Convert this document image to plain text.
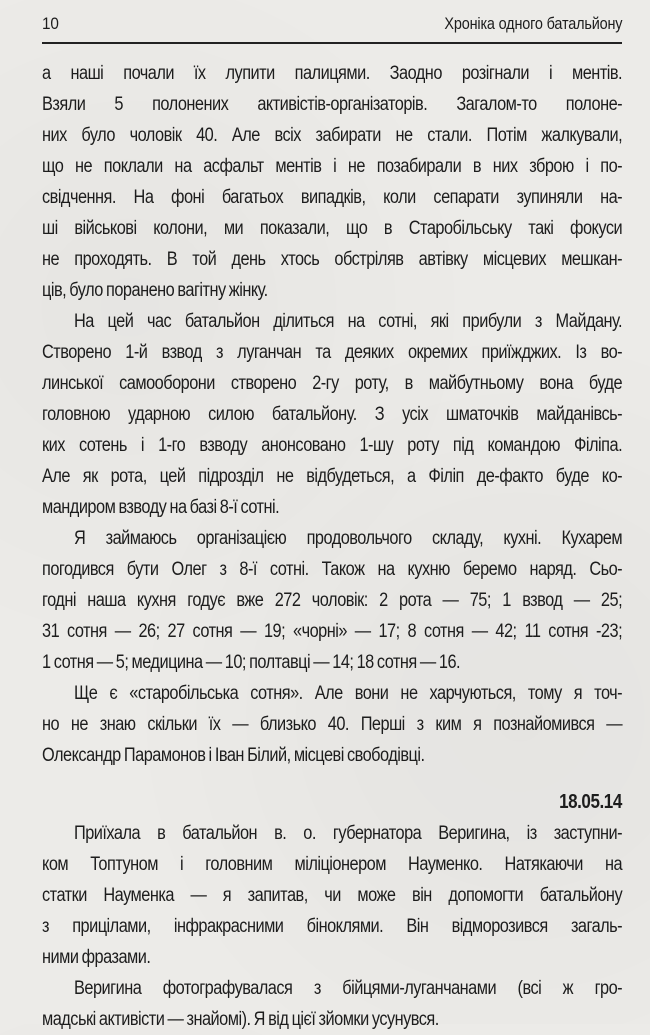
10	Хроніка одного батальйону
а наші почали їх лупити палицями. Заодно розігнали і ментів.
Взяли 5 полонених активістів-організаторів. Загалом-то полоне-
них було чоловік 40. Але всіх забирати не стали. Потім жалкували,
що не поклали на асфальт ментів і не позабирали в них зброю і по-
свідчення. На фоні багатьох випадків, коли сепарати зупиняли на-
ші військові колони, ми показали, що в Старобільську такі фокуси
не проходять. В той день хтось обстріляв автівку місцевих мешкан-
ців, було поранено вагітну жінку.
На цей час батальйон ділиться на сотні, які прибули з Майдану.
Створено 1-й взвод з луганчан та деяких окремих приїжджих. Із во-
линської самооборони створено 2-гу роту, в майбутньому вона буде
головною ударною силою батальйону. З усіх шматочків майданівсь-
ких сотень і 1-го взводу анонсовано 1-шу роту під командою Філіпа.
Але як рота, цей підрозділ не відбудеться, а Філіп де-факто буде ко-
мандиром взводу на базі 8-ї сотні.
Я займаюсь організацією продовольчого складу, кухні. Кухарем
погодився бути Олег з 8-ї сотні. Також на кухню беремо наряд. Сьо-
годні наша кухня годує вже 272 чоловік: 2 рота — 75; 1 взвод — 25;
31 сотня — 26; 27 сотня — 19; «чорні» — 17; 8 сотня — 42; 11 сотня -23;
1 сотня — 5; медицина — 10; полтавці — 14; 18 сотня — 16.
Ще є «старобільська сотня». Але вони не харчуються, тому я точ-
но не знаю скільки їх — близько 40. Перші з ким я познайомився —
Олександр Парамонов і Іван Білий, місцеві свободівці.
18.05.14
Приїхала в батальйон в. о. губернатора Веригина, із заступни-
ком Топтуном і головним міліціонером Науменко. Натякаючи на
статки Науменка — я запитав, чи може він допомогти батальйону
з прицілами, інфракрасними біноклями. Він відморозився загаль-
ними фразами.
Веригина фотографувалася з бійцями-луганчанами (всі ж гро-
мадські активісти — знайомі). Я від цієї зйомки усунувся.
